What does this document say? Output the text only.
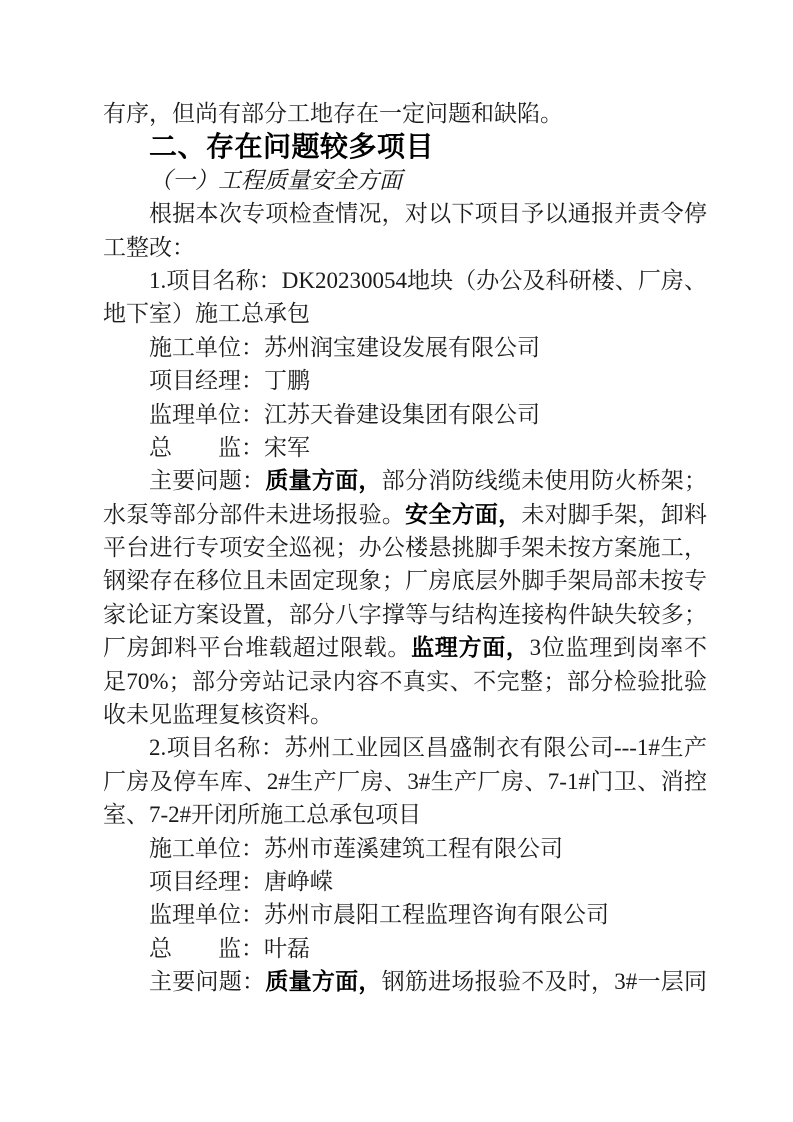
有序，但尚有部分工地存在一定问题和缺陷。
二、存在问题较多项目
（一）工程质量安全方面
根据本次专项检查情况，对以下项目予以通报并责令停
工整改：
1.项目名称：DK20230054地块（办公及科研楼、厂房、
地下室）施工总承包
施工单位：苏州润宝建设发展有限公司
项目经理：丁鹏
监理单位：江苏天眷建设集团有限公司
总　　监：宋军
主要问题：质量方面，部分消防线缆未使用防火桥架；
水泵等部分部件未进场报验。安全方面，未对脚手架，卸料
平台进行专项安全巡视；办公楼悬挑脚手架未按方案施工，
钢梁存在移位且未固定现象；厂房底层外脚手架局部未按专
家论证方案设置，部分八字撑等与结构连接构件缺失较多；
厂房卸料平台堆载超过限载。监理方面，3位监理到岗率不
足70%；部分旁站记录内容不真实、不完整；部分检验批验
收未见监理复核资料。
2.项目名称：苏州工业园区昌盛制衣有限公司---1#生产
厂房及停车库、2#生产厂房、3#生产厂房、7-1#门卫、消控
室、7-2#开闭所施工总承包项目
施工单位：苏州市莲溪建筑工程有限公司
项目经理：唐峥嵘
监理单位：苏州市晨阳工程监理咨询有限公司
总　　监：叶磊
主要问题：质量方面，钢筋进场报验不及时，3#一层同
